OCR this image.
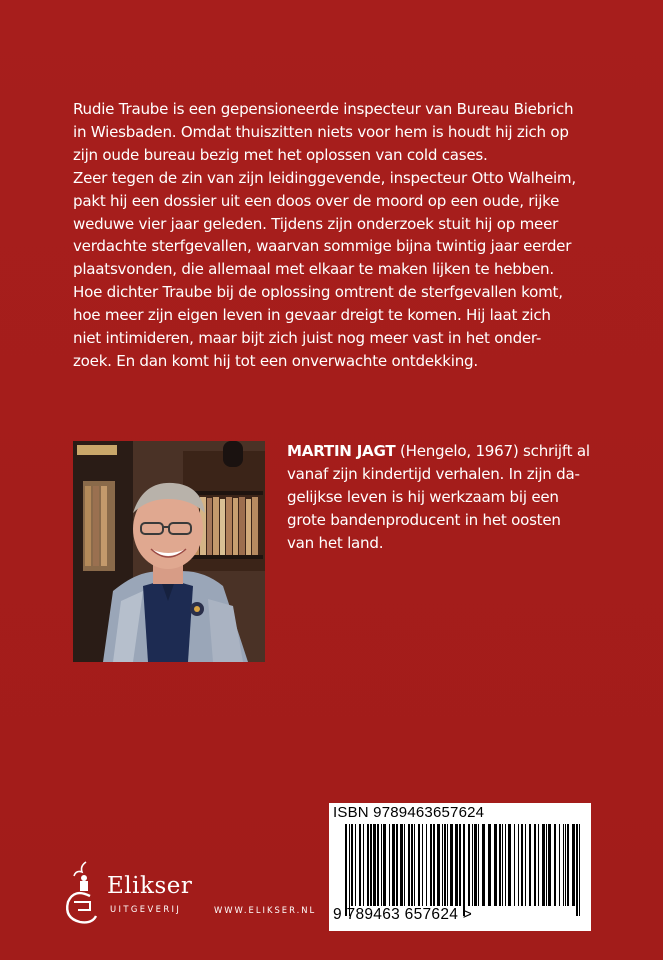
Rudie Traube is een gepensioneerde inspecteur van Bureau Biebrich

in Wiesbaden. Omdat thuiszitten niets voor hem is houdt hij zich op

zijn oude bureau bezig met het oplossen van cold cases.

Zeer tegen de zin van zijn leidinggevende, inspecteur Otto Walheim,

pakt hij een dossier uit een doos over de moord op een oude, rijke

weduwe vier jaar geleden. Tijdens zijn onderzoek stuit hij op meer

verdachte sterfgevallen, waarvan sommige bijna twintig jaar eerder

plaatsvonden, die allemaal met elkaar te maken lijken te hebben.

Hoe dichter Traube bij de oplossing omtrent de sterfgevallen komt,

hoe meer zijn eigen leven in gevaar dreigt te komen. Hij laat zich

niet intimideren, maar bijt zich juist nog meer vast in het onder-

zoek. En dan komt hij tot een onverwachte ontdekking.

MARTIN JAGT (Hengelo, 1967) schrijft al
vanaf zijn kindertijd verhalen. In zijn da-
gelijkse leven is hij werkzaam bij een
grote bandenproducent in het oosten
van het land.
ISBN 9789463657624
9 789463 657624 >
Elikser
UITGEVERIJ	WWW.ELIKSER.NL
